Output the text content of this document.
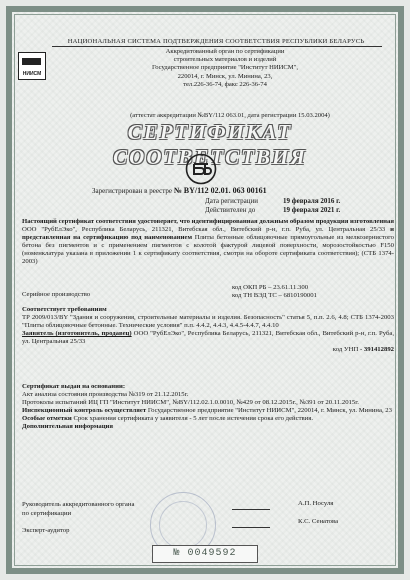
НАЦИОНАЛЬНАЯ СИСТЕМА ПОДТВЕРЖДЕНИЯ СООТВЕТСТВИЯ РЕСПУБЛИКИ БЕЛАРУСЬ
НИИСМ
Аккредитованный орган по сертификации
строительных материалов и изделий
Государственное предприятие "Институт НИИСМ",
220014, г. Минск, ул. Минина, 23,
тел.226-36-74, факс 226-36-74
(аттестат аккредитации №BY/112 063.01, дата регистрации 15.03.2004)
СЕРТИФИКАТ СООТВЕТСТВИЯ
Зарегистрирован в реестре № BY/112 02.01. 063 00161
Дата регистрации	19 февраля 2016 г.
Действителен до	19 февраля 2021 г.
Настоящий сертификат соответствия удостоверяет, что идентифицированная должным образом продукция изготовленная ООО "РубЕлЭко", Республика Беларусь, 211321, Витебская обл., Витебский р-н, г.п. Руба, ул. Центральная 25/33 и представленная на сертификацию под наименованием Плиты бетонные облицовочные прямоугольные из мелкозернистого бетона без пигментов и с применением пигментов с колотой фактурой лицевой поверхности, морозостойкостью F150 (номенклатура указана в приложении 1 к сертификату соответствия, смотри на обороте сертификата соответствия); (СТБ 1374-2003)
Серийное производство
код ОКП РБ – 23.61.11.300
код ТН ВЭД ТС – 6810190001
Соответствует требованиям
ТР 2009/013/BY "Здания и сооружения, строительные материалы и изделия. Безопасность" статья 5, п.п. 2.6, 4.8; СТБ 1374-2003 "Плиты облицовочные бетонные. Технические условия" п.п. 4.4.2, 4.4.3, 4.4.5-4.4.7, 4.4.10
Заявитель (изготовитель, продавец) ООО "РубЕлЭко", Республика Беларусь, 211321, Витебская обл., Витебский р-н, г.п. Руба, ул. Центральная 25/33
код УНП - 391412892
Сертификат выдан на основании:
Акт анализа состояния производства №319 от 21.12.2015г.
Протоколы испытаний ИЦ ГП "Институт НИИСМ", №BY/112.02.1.0.0010, №429 от 08.12.2015г., №391 от 20.11.2015г.
Инспекционный контроль осуществляет Государственное предприятие "Институт НИИСМ", 220014, г. Минск, ул. Минина, 23
Особые отметки Срок хранения сертификата у заявителя - 5 лет после истечения срока его действия.
Дополнительная информация
Руководитель аккредитованного органа
по сертификации
А.П. Носуля
К.С. Сенатова
Эксперт-аудитор
№ 0049592
